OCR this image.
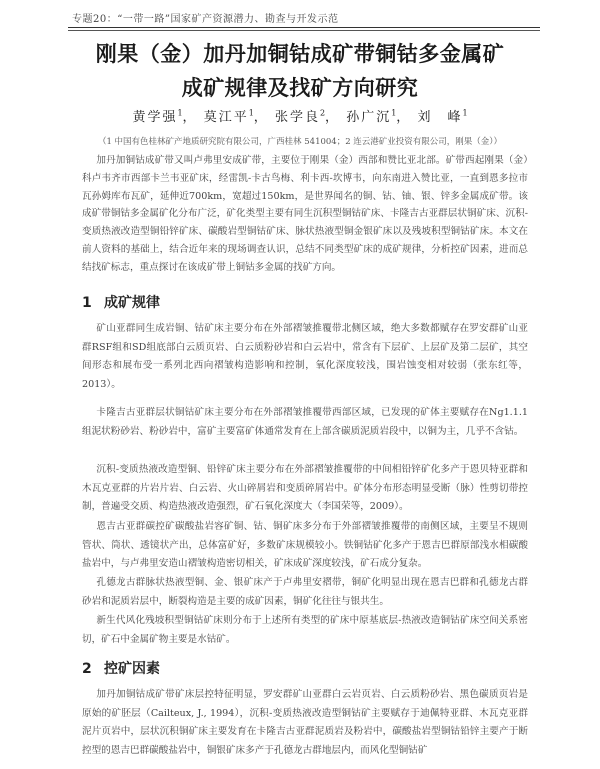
专题20：“一带一路”国家矿产资源潜力、勘查与开发示范
刚果（金）加丹加铜钴成矿带铜钴多金属矿
成矿规律及找矿方向研究
黄学强$^1$， 莫江平$^1$， 张学良$^2$， 孙广沉$^1$， 刘　峰$^1$
（1 中国有色桂林矿产地质研究院有限公司，广西桂林 541004；2 连云港矿业投资有限公司，刚果（金））

加丹加铜钴成矿带又叫卢弗里安成矿带，主要位于刚果（金）西部和赞比亚北部。矿带西起刚果（金）科卢韦齐市西部卡兰韦亚矿床，经雷凯-卡古鸟梅、利卡西-坎博韦，向东南进入赞比亚，一直到恩多拉市瓦孙姆库布瓦矿，延伸近700km，宽超过150km，是世界闻名的铜、钴、铀、银、锌多金属成矿带。该成矿带铜钴多金属矿化分布广泛，矿化类型主要有同生沉积型铜钴矿床、卡隆吉古亚群层状铜矿床、沉积-变质热液改造型铜铅锌矿床、碳酸岩型铜钴矿床、脉状热液型铜金银矿床以及残坡积型铜钴矿床。本文在前人资料的基础上，结合近年来的现场调查认识，总结不同类型矿床的成矿规律，分析控矿因素，进而总结找矿标志，重点探讨在该成矿带上铜钴多金属的找矿方向。

1 成矿规律

矿山亚群同生成岩铜、钴矿床主要分布在外部褶皱推覆带北侧区域，绝大多数都赋存在罗安群矿山亚群RSF组和SD组底部白云质页岩、白云质粉砂岩和白云岩中，常含有下层矿、上层矿及第二层矿，其空间形态和展布受一系列北西向褶皱构造影响和控制，氧化深度较浅，围岩蚀变相对较弱（张东红等，2013）。

卡隆吉古亚群层状铜钴矿床主要分布在外部褶皱推覆带西部区域，已发现的矿体主要赋存在Ng1.1.1组泥状粉砂岩、粉砂岩中，富矿主要富矿体通常发育在上部含碳质泥质岩段中，以铜为主，几乎不含钴。

沉积-变质热液改造型铜、铅锌矿床主要分布在外部褶皱推覆带的中间相铅锌矿化多产于恩贝特亚群和木瓦克亚群的片岩片岩、白云岩、火山碎屑岩和变质碎屑岩中。矿体分布形态明显受断（脉）性剪切带控制，普遍受交质、构造热液改造强烈，矿石氧化深度大（李国荣等，2009）。

恩吉古亚群碳控矿碳酸盐岩容矿铜、钴、铜矿床多分布于外部褶皱推覆带的南侧区域，主要呈不规则管状、筒状、透镜状产出，总体富矿好，多数矿床规模较小。铁铜钴矿化多产于恩吉巴群原部浅水相碳酸盐岩中，与卢弗里安造山褶皱构造密切相关，矿床成矿深度较浅，矿石成分复杂。

孔德龙古群脉状热液型铜、金、银矿床产于卢弗里安褶带，铜矿化明显出现在恩吉巴群和孔德龙古群砂岩和泥质岩层中，断裂构造是主要的成矿因素，铜矿化往往与银共生。

新生代风化残坡积型铜钴矿床则分布于上述所有类型的矿床中原基底层-热液改造铜钴矿床空间关系密切，矿石中金属矿物主要是水钴矿。

2 控矿因素

加丹加铜钴成矿带矿床层控特征明显，罗安群矿山亚群白云岩页岩、白云质粉砂岩、黑色碳质页岩是原始的矿胚层（Cailteux, J., 1994），沉积-变质热液改造型铜钴矿主要赋存于迪佩特亚群、木瓦克亚群泥片页岩中，层状沉积铜矿床主要发育在卡隆吉古亚群泥质岩及粉岩中，碳酸盐岩型铜钴铅锌主要产于断控型的恩吉巴群碳酸盐岩中，铜银矿床多产于孔德龙古群地层内，而风化型铜钴矿
